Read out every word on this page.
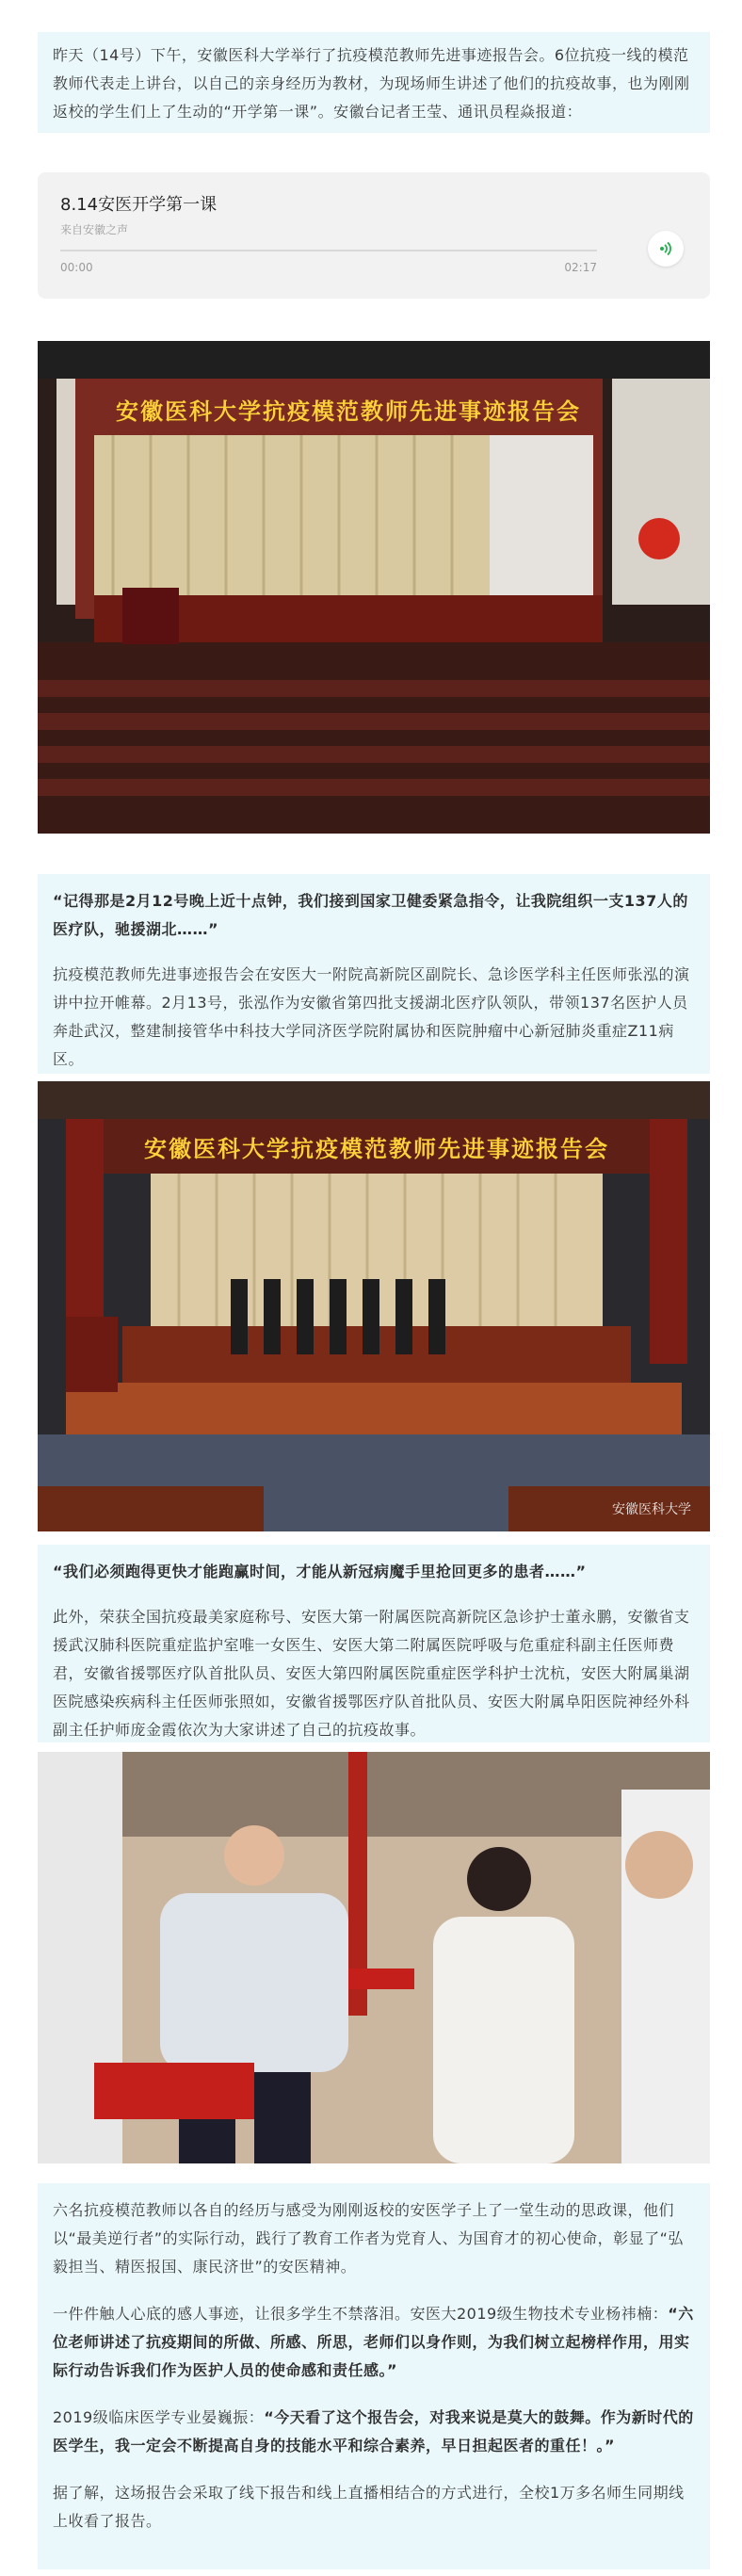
昨天（14号）下午，安徽医科大学举行了抗疫模范教师先进事迹报告会。6位抗疫一线的模范教师代表走上讲台，以自己的亲身经历为教材，为现场师生讲述了他们的抗疫故事，也为刚刚返校的学生们上了生动的“开学第一课”。安徽台记者王莹、通讯员程焱报道：

8.14安医开学第一课

来自安徽之声

00:00	02:17
安徽医科大学抗疫模范教师先进事迹报告会

“记得那是2月12号晚上近十点钟，我们接到国家卫健委紧急指令，让我院组织一支137人的医疗队，驰援湖北……”

抗疫模范教师先进事迹报告会在安医大一附院高新院区副院长、急诊医学科主任医师张泓的演讲中拉开帷幕。2月13号，张泓作为安徽省第四批支援湖北医疗队领队，带领137名医护人员奔赴武汉，整建制接管华中科技大学同济医学院附属协和医院肿瘤中心新冠肺炎重症Z11病区。

安徽医科大学抗疫模范教师先进事迹报告会
安徽医科大学

“我们必须跑得更快才能跑赢时间，才能从新冠病魔手里抢回更多的患者……”

此外，荣获全国抗疫最美家庭称号、安医大第一附属医院高新院区急诊护士董永鹏，安徽省支援武汉肺科医院重症监护室唯一女医生、安医大第二附属医院呼吸与危重症科副主任医师费君，安徽省援鄂医疗队首批队员、安医大第四附属医院重症医学科护士沈杭，安医大附属巢湖医院感染疾病科主任医师张照如，安徽省援鄂医疗队首批队员、安医大附属阜阳医院神经外科副主任护师庞金霞依次为大家讲述了自己的抗疫故事。

六名抗疫模范教师以各自的经历与感受为刚刚返校的安医学子上了一堂生动的思政课，他们以“最美逆行者”的实际行动，践行了教育工作者为党育人、为国育才的初心使命，彰显了“弘毅担当、精医报国、康民济世”的安医精神。

一件件触人心底的感人事迹，让很多学生不禁落泪。安医大2019级生物技术专业杨祎楠：“六位老师讲述了抗疫期间的所做、所感、所思，老师们以身作则，为我们树立起榜样作用，用实际行动告诉我们作为医护人员的使命感和责任感。”

2019级临床医学专业晏巍振：“今天看了这个报告会，对我来说是莫大的鼓舞。作为新时代的医学生，我一定会不断提高自身的技能水平和综合素养，早日担起医者的重任！。”

据了解，这场报告会采取了线下报告和线上直播相结合的方式进行，全校1万多名师生同期线上收看了报告。
